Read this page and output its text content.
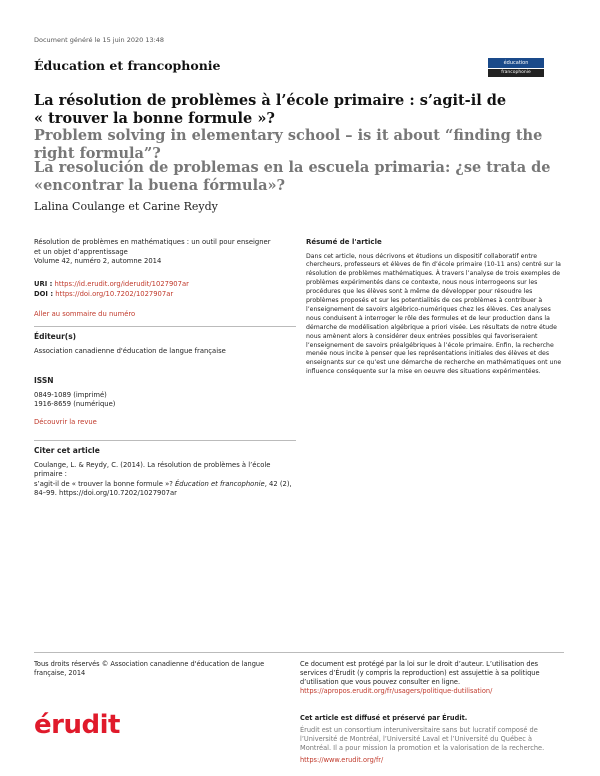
Document généré le 15 juin 2020 13:48
Éducation et francophonie	éducation
francophonie
La résolution de problèmes à l’école primaire : s’agit-il de
« trouver la bonne formule »?
Problem solving in elementary school – is it about “finding the
right formula”?
La resolución de problemas en la escuela primaria: ¿se trata de
«encontrar la buena fórmula»?
Lalina Coulange et Carine Reydy
Résolution de problèmes en mathématiques : un outil pour enseigner
et un objet d’apprentissage
Volume 42, numéro 2, automne 2014
URI : https://id.erudit.org/iderudit/1027907ar
DOI : https://doi.org/10.7202/1027907ar
Aller au sommaire du numéro
Éditeur(s)
Association canadienne d'éducation de langue française
ISSN
0849-1089 (imprimé)
1916-8659 (numérique)
Découvrir la revue
Citer cet article
Coulange, L. & Reydy, C. (2014). La résolution de problèmes à l’école primaire :
s’agit-il de « trouver la bonne formule »? Éducation et francophonie, 42 (2),
84–99. https://doi.org/10.7202/1027907ar
Résumé de l'article
Dans cet article, nous décrivons et étudions un dispositif collaboratif entre chercheurs, professeurs et élèves de fin d’école primaire (10-11 ans) centré sur la résolution de problèmes mathématiques. À travers l’analyse de trois exemples de problèmes expérimentés dans ce contexte, nous nous interrogeons sur les procédures que les élèves sont à même de développer pour résoudre les problèmes proposés et sur les potentialités de ces problèmes à contribuer à l’enseignement de savoirs algébrico-numériques chez les élèves. Ces analyses nous conduisent à interroger le rôle des formules et de leur production dans la démarche de modélisation algébrique a priori visée. Les résultats de notre étude nous amènent alors à considérer deux entrées possibles qui favoriseraient l’enseignement de savoirs préalgébriques à l’école primaire. Enfin, la recherche menée nous incite à penser que les représentations initiales des élèves et des enseignants sur ce qu’est une démarche de recherche en mathématiques ont une influence conséquente sur la mise en oeuvre des situations expérimentées.
Tous droits réservés © Association canadienne d'éducation de langue française, 2014
Ce document est protégé par la loi sur le droit d’auteur. L’utilisation des services d’Érudit (y compris la reproduction) est assujettie à sa politique d’utilisation que vous pouvez consulter en ligne.
https://apropos.erudit.org/fr/usagers/politique-dutilisation/
érudit	Cet article est diffusé et préservé par Érudit.
Érudit est un consortium interuniversitaire sans but lucratif composé de l’Université de Montréal, l’Université Laval et l’Université du Québec à Montréal. Il a pour mission la promotion et la valorisation de la recherche.
https://www.erudit.org/fr/
